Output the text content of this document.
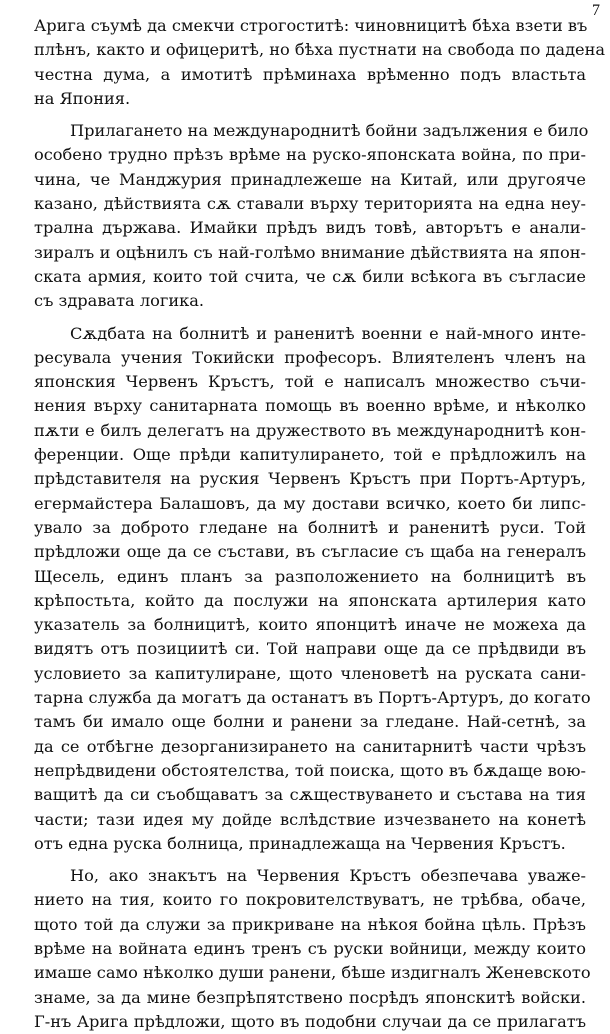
7
Арига съумѣ да смекчи строгоститѣ: чиновницитѣ бѣха взети въ
плѣнъ, както и офицеритѣ, но бѣха пустнати на свобода по дадена
честна дума, а имотитѣ прѣминаха врѣменно подъ властьта
на Япония.
Прилагането на международнитѣ бойни задължения е било
особено трудно прѣзъ врѣме на руско-японската война, по при-
чина, че Манджурия принадлежеше на Китай, или другояче
казано, дѣйствията сѫ ставали върху територията на една неу-
трална държава. Имайки прѣдъ видъ товѣ, авторътъ е анали-
зиралъ и оцѣнилъ съ най-голѣмо внимание дѣйствията на япон-
ската армия, които той счита, че сѫ били всѣкога въ съгласие
съ здравата логика.
Сѫдбата на болнитѣ и раненитѣ военни е най-много инте-
ресувала учения Токийски професоръ. Влиятеленъ членъ на
японския Червенъ Кръстъ, той е написалъ множество съчи-
нения върху санитарната помощь въ военно врѣме, и нѣколко
пѫти е билъ делегатъ на дружеството въ международнитѣ кон-
ференции. Още прѣди капитулирането, той е прѣдложилъ на
прѣдставителя на руския Червенъ Кръстъ при Портъ-Артуръ,
егермайстера Балашовъ, да му достави всичко, което би липс-
увало за доброто гледане на болнитѣ и раненитѣ руси. Той
прѣдложи още да се състави, въ съгласие съ щаба на генералъ
Щесель, единъ планъ за разположението на болницитѣ въ
крѣпостьта, който да послужи на японската артилерия като
указатель за болницитѣ, които японцитѣ иначе не можеха да
видятъ отъ позициитѣ си. Той направи още да се прѣдвиди въ
условието за капитулиране, щото членоветѣ на руската сани-
тарна служба да могатъ да останатъ въ Портъ-Артуръ, до когато
тамъ би имало още болни и ранени за гледане. Най-сетнѣ, за
да се отбѣгне дезорганизирането на санитарнитѣ части чрѣзъ
непрѣдвидени обстоятелства, той поиска, щото въ бѫдаще вою-
ващитѣ да си съобщаватъ за сѫществуването и състава на тия
части; тази идея му дойде вслѣдствие изчезването на конетѣ
отъ една руска болница, принадлежаща на Червения Кръстъ.
Но, ако знакътъ на Червения Кръстъ обезпечава уваже-
нието на тия, които го покровителствуватъ, не трѣбва, обаче,
щото той да служи за прикриване на нѣкоя бойна цѣль. Прѣзъ
врѣме на войната единъ тренъ съ руски войници, между които
имаше само нѣколко души ранени, бѣше издигналъ Женевското
знаме, за да мине безпрѣпятствено посрѣдъ японскитѣ войски.
Г-нъ Арига прѣдложи, щото въ подобни случаи да се прилагатъ
